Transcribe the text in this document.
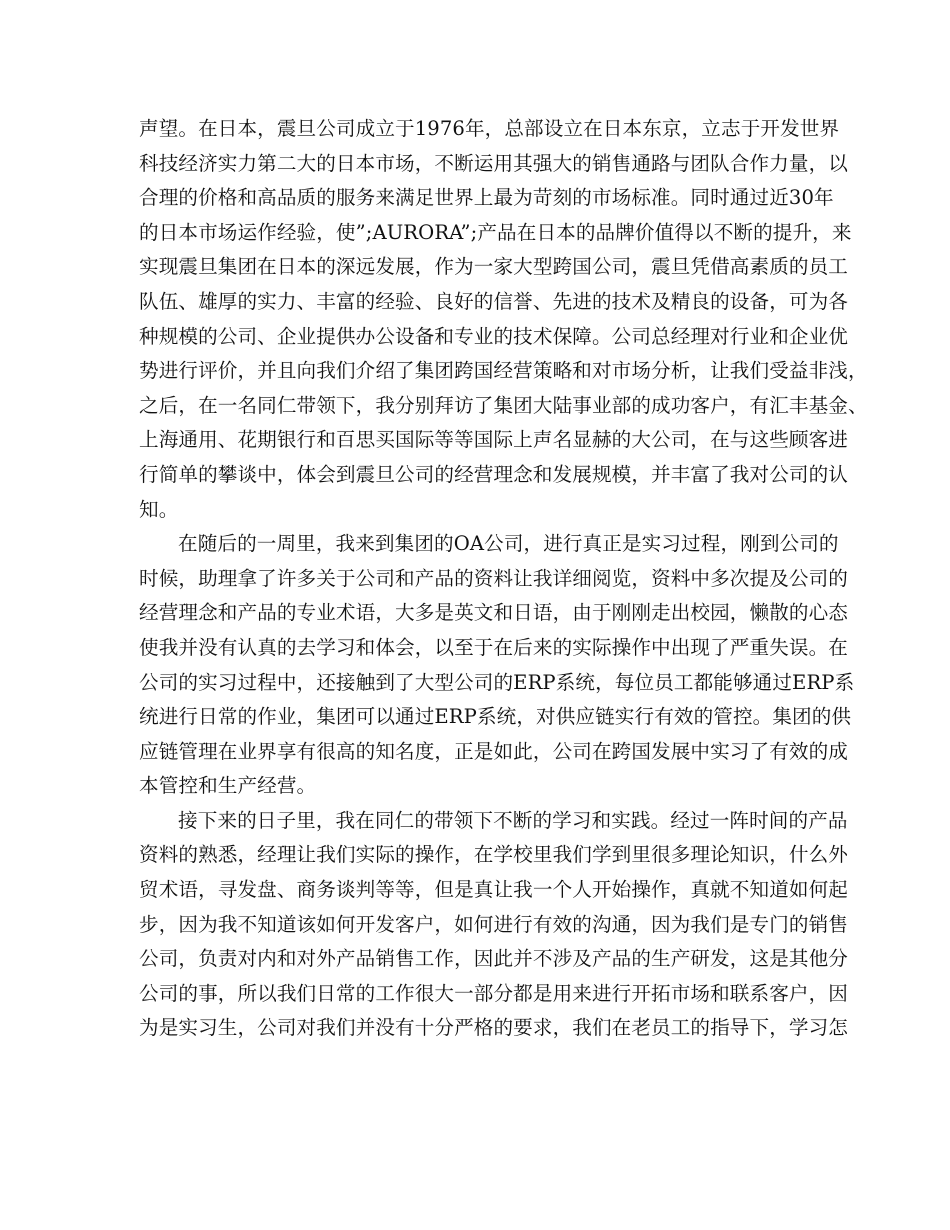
声望。在日本，震旦公司成立于1976年，总部设立在日本东京，立志于开发世界
科技经济实力第二大的日本市场，不断运用其强大的销售通路与团队合作力量，以
合理的价格和高品质的服务来满足世界上最为苛刻的市场标准。同时通过近30年
的日本市场运作经验，使”;AURORA”;产品在日本的品牌价值得以不断的提升，来
实现震旦集团在日本的深远发展，作为一家大型跨国公司，震旦凭借高素质的员工
队伍、雄厚的实力、丰富的经验、良好的信誉、先进的技术及精良的设备，可为各
种规模的公司、企业提供办公设备和专业的技术保障。公司总经理对行业和企业优
势进行评价，并且向我们介绍了集团跨国经营策略和对市场分析，让我们受益非浅，
之后，在一名同仁带领下，我分别拜访了集团大陆事业部的成功客户，有汇丰基金、
上海通用、花期银行和百思买国际等等国际上声名显赫的大公司，在与这些顾客进
行简单的攀谈中，体会到震旦公司的经营理念和发展规模，并丰富了我对公司的认
知。
在随后的一周里，我来到集团的OA公司，进行真正是实习过程，刚到公司的
时候，助理拿了许多关于公司和产品的资料让我详细阅览，资料中多次提及公司的
经营理念和产品的专业术语，大多是英文和日语，由于刚刚走出校园，懒散的心态
使我并没有认真的去学习和体会，以至于在后来的实际操作中出现了严重失误。在
公司的实习过程中，还接触到了大型公司的ERP系统，每位员工都能够通过ERP系
统进行日常的作业，集团可以通过ERP系统，对供应链实行有效的管控。集团的供
应链管理在业界享有很高的知名度，正是如此，公司在跨国发展中实习了有效的成
本管控和生产经营。
接下来的日子里，我在同仁的带领下不断的学习和实践。经过一阵时间的产品
资料的熟悉，经理让我们实际的操作，在学校里我们学到里很多理论知识，什么外
贸术语，寻发盘、商务谈判等等，但是真让我一个人开始操作，真就不知道如何起
步，因为我不知道该如何开发客户，如何进行有效的沟通，因为我们是专门的销售
公司，负责对内和对外产品销售工作，因此并不涉及产品的生产研发，这是其他分
公司的事，所以我们日常的工作很大一部分都是用来进行开拓市场和联系客户，因
为是实习生，公司对我们并没有十分严格的要求，我们在老员工的指导下，学习怎
